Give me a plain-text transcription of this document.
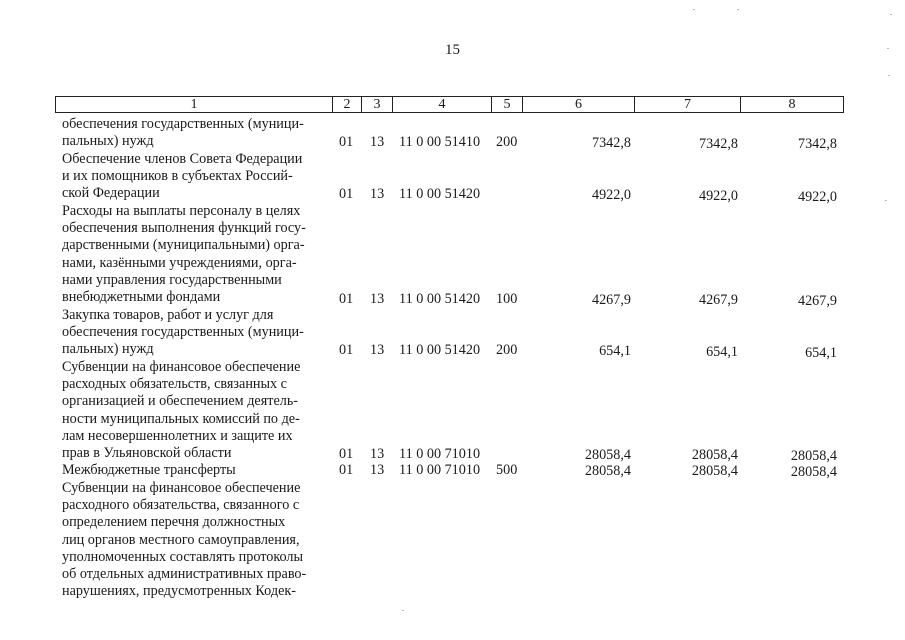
15
1	2	3	4	5	6	7	8
обеспечения государственных (муници-
пальных) нужд	01 13 11 0 00 51410 200	7342,8	7342,8	7342,8
Обеспечение членов Совета Федерации
и их помощников в субъектах Россий-
ской Федерации	01 13 11 0 00 51420	4922,0	4922,0	4922,0
Расходы на выплаты персоналу в целях
обеспечения выполнения функций госу-
дарственными (муниципальными) орга-
нами, казёнными учреждениями, орга-
нами управления государственными
внебюджетными фондами	01 13 11 0 00 51420 100	4267,9	4267,9	4267,9
Закупка товаров, работ и услуг для
обеспечения государственных (муници-
пальных) нужд	01 13 11 0 00 51420 200	654,1	654,1	654,1
Субвенции на финансовое обеспечение
расходных обязательств, связанных с
организацией и обеспечением деятель-
ности муниципальных комиссий по де-
лам несовершеннолетних и защите их
прав в Ульяновской области	01 13 11 0 00 71010	28058,4	28058,4	28058,4
Межбюджетные трансферты	01 13 11 0 00 71010 500	28058,4	28058,4	28058,4
Субвенции на финансовое обеспечение
расходного обязательства, связанного с
определением перечня должностных
лиц органов местного самоуправления,
уполномоченных составлять протоколы
об отдельных административных право-
нарушениях, предусмотренных Кодек-
